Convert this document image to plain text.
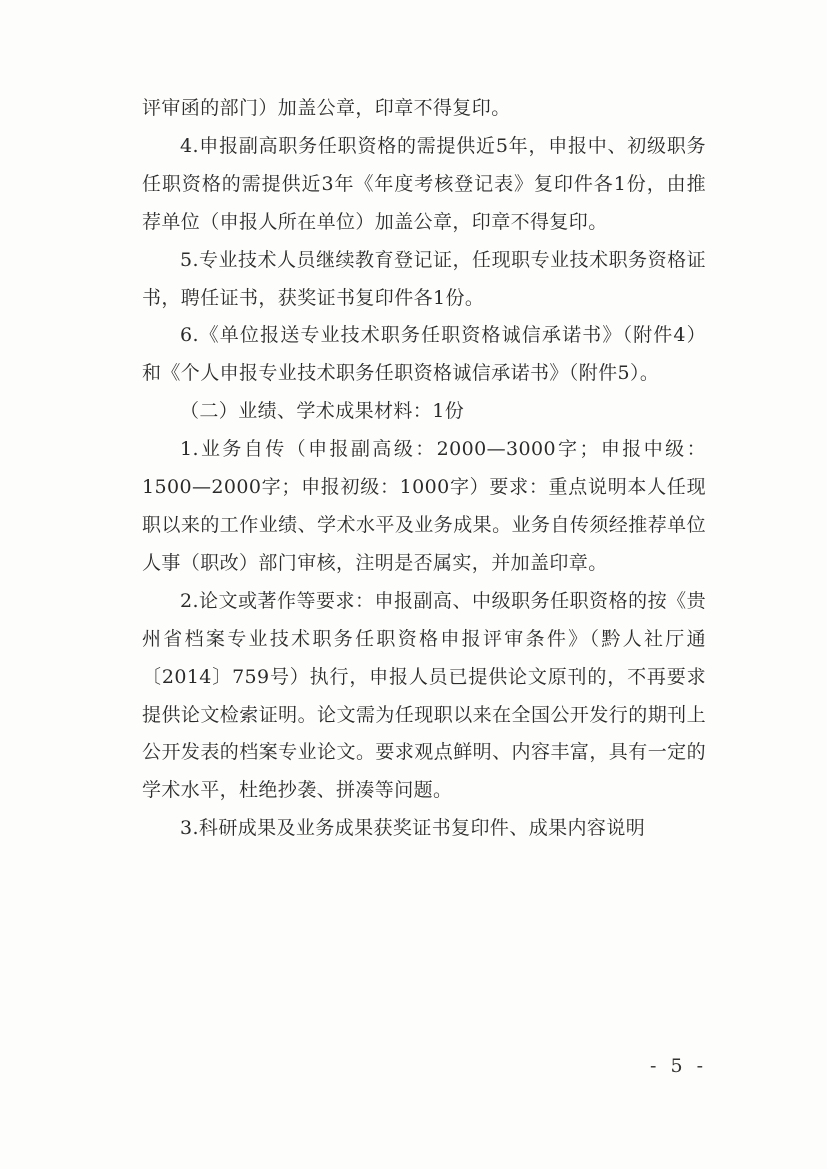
评审函的部门）加盖公章，印章不得复印。

4.申报副高职务任职资格的需提供近5年，申报中、初级职务任职资格的需提供近3年《年度考核登记表》复印件各1份，由推荐单位（申报人所在单位）加盖公章，印章不得复印。

5.专业技术人员继续教育登记证，任现职专业技术职务资格证书，聘任证书，获奖证书复印件各1份。

6.《单位报送专业技术职务任职资格诚信承诺书》（附件4）和《个人申报专业技术职务任职资格诚信承诺书》（附件5）。

（二）业绩、学术成果材料：1份

1.业务自传（申报副高级：2000—3000字；申报中级：1500—2000字；申报初级：1000字）要求：重点说明本人任现职以来的工作业绩、学术水平及业务成果。业务自传须经推荐单位人事（职改）部门审核，注明是否属实，并加盖印章。

2.论文或著作等要求：申报副高、中级职务任职资格的按《贵州省档案专业技术职务任职资格申报评审条件》（黔人社厅通〔2014〕759号）执行，申报人员已提供论文原刊的，不再要求提供论文检索证明。论文需为任现职以来在全国公开发行的期刊上公开发表的档案专业论文。要求观点鲜明、内容丰富，具有一定的学术水平，杜绝抄袭、拼凑等问题。

3.科研成果及业务成果获奖证书复印件、成果内容说明

- 5 -
